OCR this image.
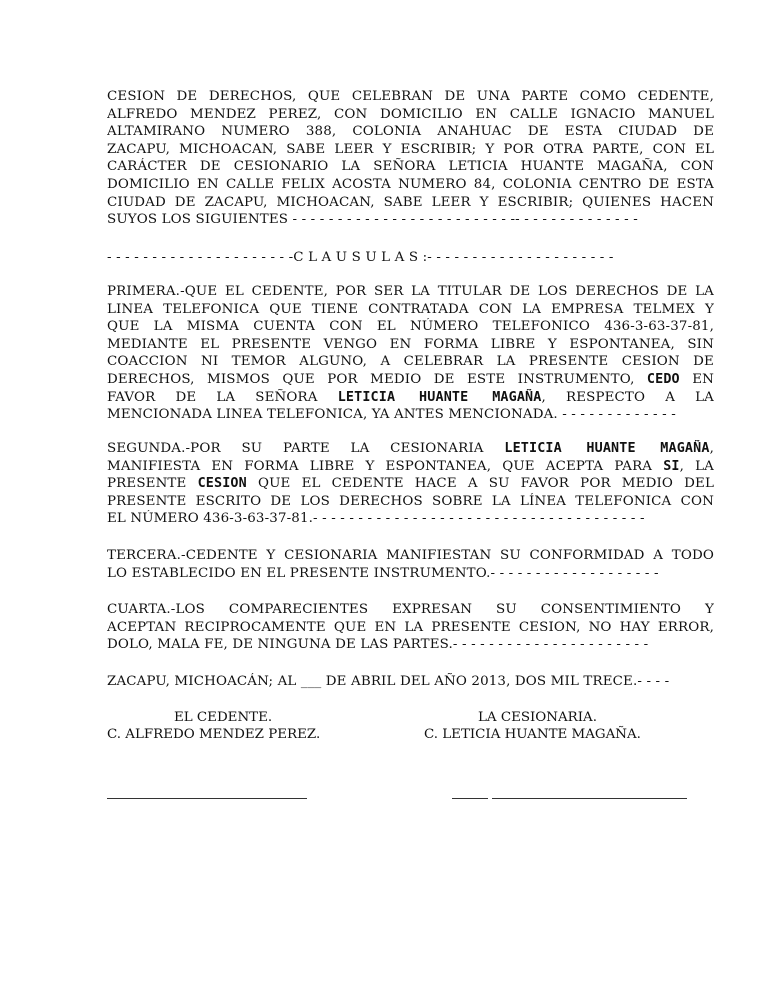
CESION DE DERECHOS, QUE CELEBRAN DE UNA PARTE COMO CEDENTE,
ALFREDO MENDEZ PEREZ, CON DOMICILIO EN CALLE IGNACIO MANUEL
ALTAMIRANO NUMERO 388, COLONIA ANAHUAC DE ESTA CIUDAD DE
ZACAPU, MICHOACAN, SABE LEER Y ESCRIBIR; Y POR OTRA PARTE, CON EL
CARÁCTER DE CESIONARIO LA SEÑORA LETICIA HUANTE MAGAÑA, CON
DOMICILIO EN CALLE FELIX ACOSTA NUMERO 84, COLONIA CENTRO DE ESTA
CIUDAD DE ZACAPU, MICHOACAN, SABE LEER Y ESCRIBIR; QUIENES HACEN
SUYOS LOS SIGUIENTES - - - - - - - - - - - - - - - - - - - - - - - - -- - - - - - - - - - - - - -

- - - - - - - - - - - - - - - - - - - - -C L A U S U L A S :- - - - - - - - - - - - - - - - - - - - -

PRIMERA.-QUE EL CEDENTE, POR SER LA TITULAR DE LOS DERECHOS DE LA
LINEA TELEFONICA QUE TIENE CONTRATADA CON LA EMPRESA TELMEX Y
QUE LA MISMA CUENTA CON EL NÚMERO TELEFONICO 436-3-63-37-81,
MEDIANTE EL PRESENTE VENGO EN FORMA LIBRE Y ESPONTANEA, SIN
COACCION NI TEMOR ALGUNO, A CELEBRAR LA PRESENTE CESION DE
DERECHOS, MISMOS QUE POR MEDIO DE ESTE INSTRUMENTO, CEDO EN
FAVOR DE LA SEÑORA LETICIA HUANTE MAGAÑA, RESPECTO A LA
MENCIONADA LINEA TELEFONICA, YA ANTES MENCIONADA. - - - - - - - - - - - - -

SEGUNDA.-POR SU PARTE LA CESIONARIA LETICIA HUANTE MAGAÑA,
MANIFIESTA EN FORMA LIBRE Y ESPONTANEA, QUE ACEPTA PARA SI, LA
PRESENTE CESION QUE EL CEDENTE HACE A SU FAVOR POR MEDIO DEL
PRESENTE ESCRITO DE LOS DERECHOS SOBRE LA LÍNEA TELEFONICA CON
EL NÚMERO 436-3-63-37-81.- - - - - - - - - - - - - - - - - - - - - - - - - - - - - - - - - - - - -

TERCERA.-CEDENTE Y CESIONARIA MANIFIESTAN SU CONFORMIDAD A TODO
LO ESTABLECIDO EN EL PRESENTE INSTRUMENTO.- - - - - - - - - - - - - - - - - - -

CUARTA.-LOS COMPARECIENTES EXPRESAN SU CONSENTIMIENTO Y
ACEPTAN RECIPROCAMENTE QUE EN LA PRESENTE CESION, NO HAY ERROR,
DOLO, MALA FE, DE NINGUNA DE LAS PARTES.- - - - - - - - - - - - - - - - - - - - - -

ZACAPU, MICHOACÁN; AL ___ DE ABRIL DEL AÑO 2013, DOS MIL TRECE.- - - -

EL CEDENTE.
C. ALFREDO MENDEZ PEREZ.
LA CESIONARIA.
C. LETICIA HUANTE MAGAÑA.
